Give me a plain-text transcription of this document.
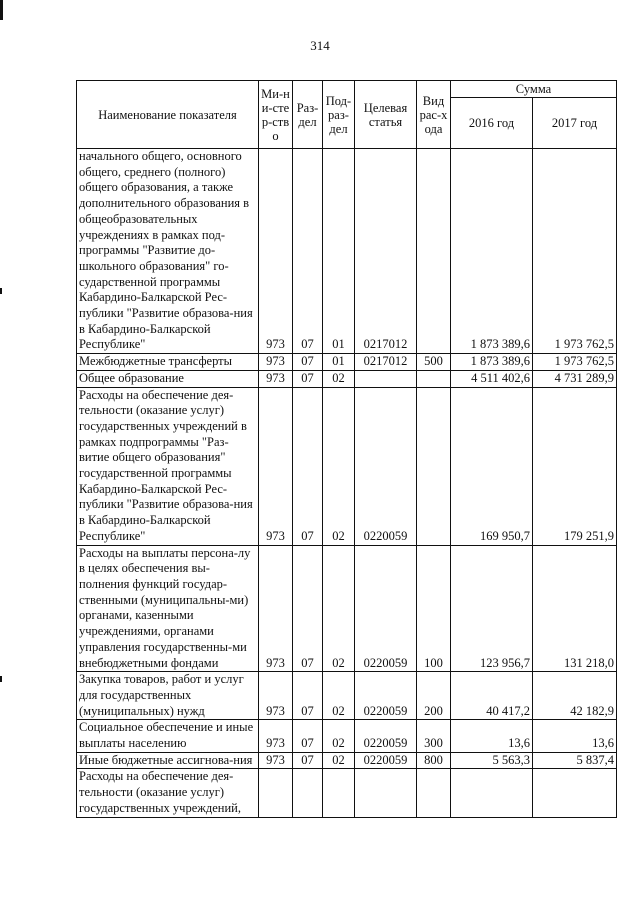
314
Наименование показателя	Ми-ни-стер-ство	Раз-дел	Под-раз-дел	Целевая статья	Вид рас-хода	Сумма	
						2016 год	2017 год
начального общего, основного общего, среднего (полного) общего образования, а также дополнительного образования в общеобразовательных учреждениях в рамках под-программы "Развитие до-школьного образования" го-сударственной программы Кабардино-Балкарской Рес-публики "Развитие образова-ния в Кабардино-Балкарской Республике"	973	07	01	0217012		1 873 389,6	1 973 762,5
Межбюджетные трансферты	973	07	01	0217012	500	1 873 389,6	1 973 762,5
Общее образование	973	07	02			4 511 402,6	4 731 289,9
Расходы на обеспечение дея-тельности (оказание услуг) государственных учреждений в рамках подпрограммы "Раз-витие общего образования" государственной программы Кабардино-Балкарской Рес-публики "Развитие образова-ния в Кабардино-Балкарской Республике"	973	07	02	0220059		169 950,7	179 251,9
Расходы на выплаты персона-лу в целях обеспечения вы-полнения функций государ-ственными (муниципальны-ми) органами, казенными учреждениями, органами управления государственны-ми внебюджетными фондами	973	07	02	0220059	100	123 956,7	131 218,0
Закупка товаров, работ и услуг для государственных (муниципальных) нужд	973	07	02	0220059	200	40 417,2	42 182,9
Социальное обеспечение и иные выплаты населению	973	07	02	0220059	300	13,6	13,6
Иные бюджетные ассигнова-ния	973	07	02	0220059	800	5 563,3	5 837,4
Расходы на обеспечение дея-тельности (оказание услуг) государственных учреждений,							
